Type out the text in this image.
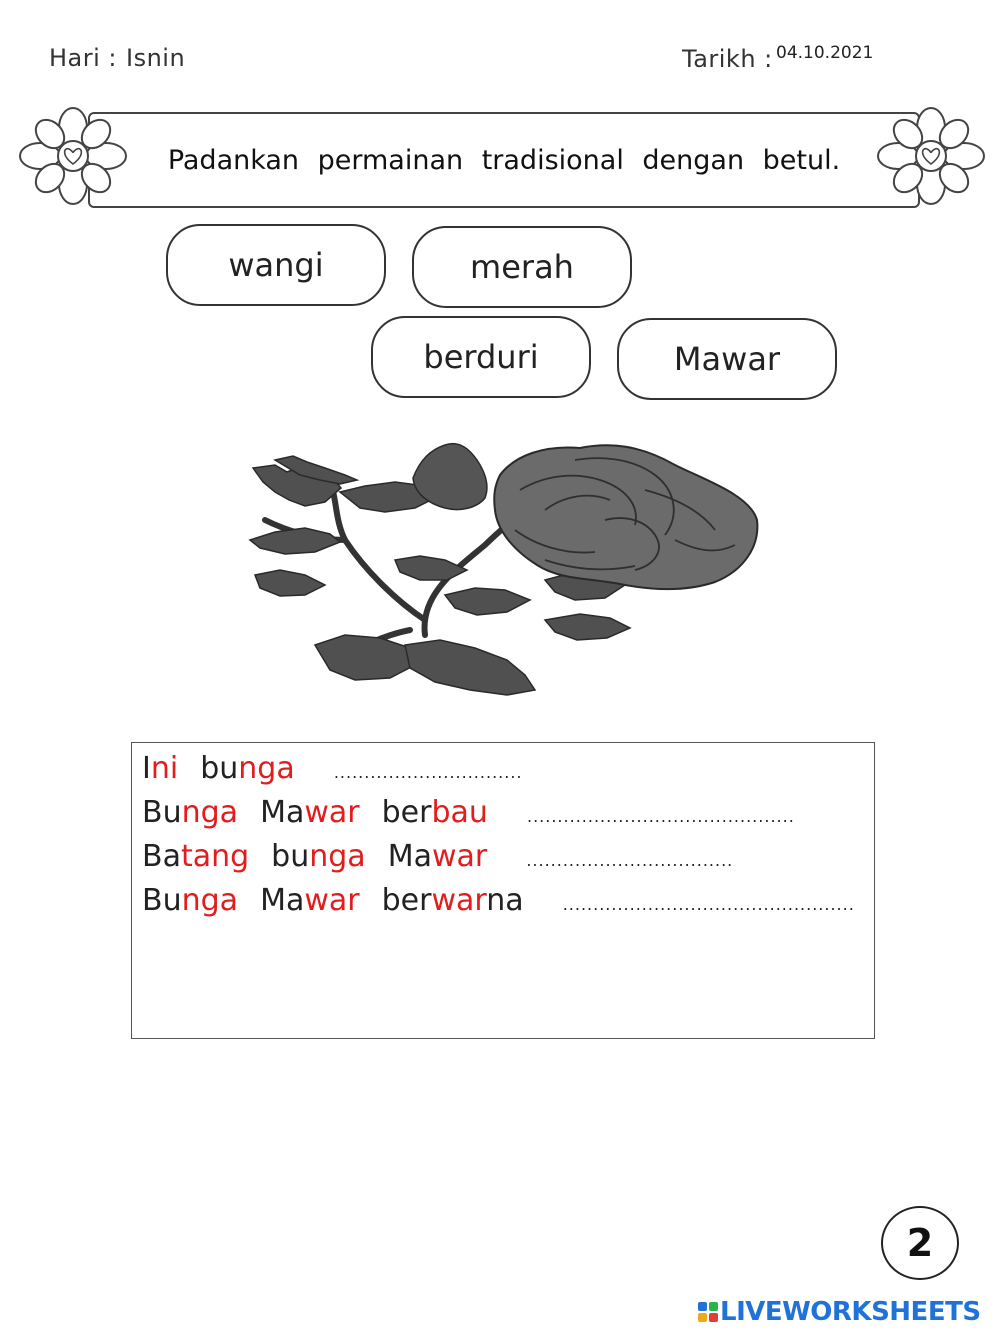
Hari : Isnin	Tarikh : 04.10.2021
Padankan permainan tradisional dengan betul.
wangi	merah
berduri	Mawar
Ini bunga ...............................
Bunga Mawar berbau ............................................
Batang bunga Mawar ..................................
Bunga Mawar berwarna ................................................
2
LIVEWORKSHEETS
